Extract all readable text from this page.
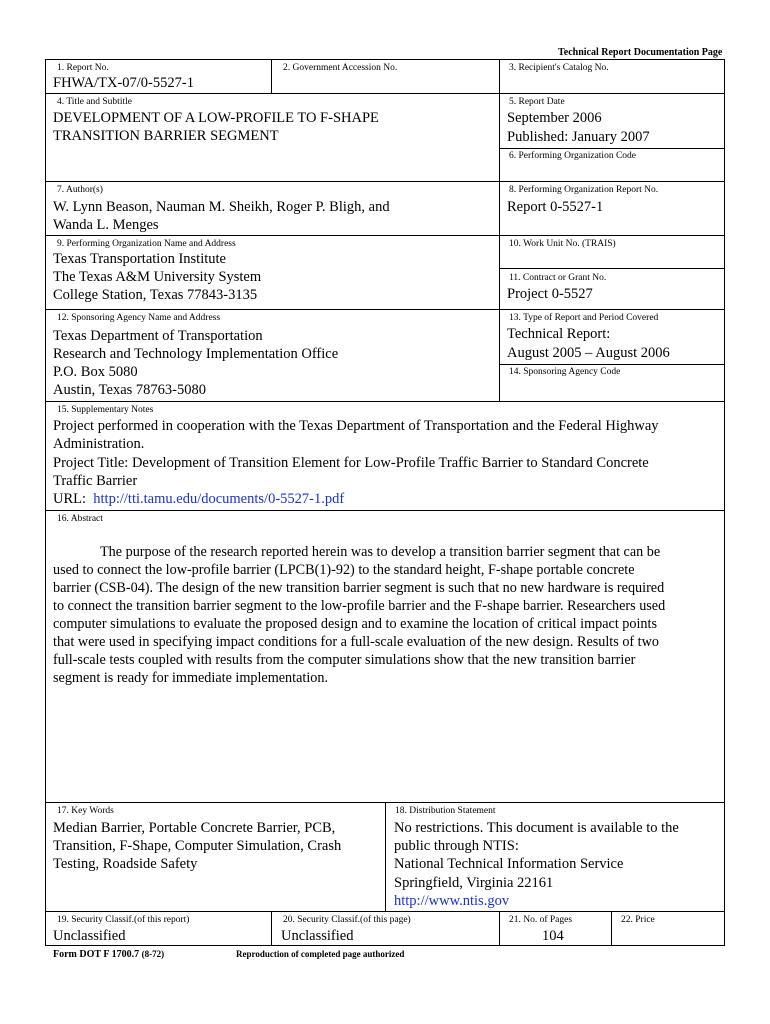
Technical Report Documentation Page
1. Report No.
FHWA/TX-07/0-5527-1
2. Government Accession No.	3. Recipient's Catalog No.
4. Title and Subtitle
DEVELOPMENT OF A LOW-PROFILE TO F-SHAPE
TRANSITION BARRIER SEGMENT
5. Report Date
September 2006
Published: January 2007
6. Performing Organization Code
7. Author(s)
W. Lynn Beason, Nauman M. Sheikh, Roger P. Bligh, and
Wanda L. Menges
8. Performing Organization Report No.
Report 0-5527-1
9. Performing Organization Name and Address
Texas Transportation Institute
The Texas A&M University System
College Station, Texas 77843-3135
10. Work Unit No. (TRAIS)
11. Contract or Grant No.
Project 0-5527
12. Sponsoring Agency Name and Address
Texas Department of Transportation
Research and Technology Implementation Office
P.O. Box 5080
Austin, Texas 78763-5080
13. Type of Report and Period Covered
Technical Report:
August 2005 – August 2006
14. Sponsoring Agency Code
15. Supplementary Notes
Project performed in cooperation with the Texas Department of Transportation and the Federal Highway
Administration.
Project Title: Development of Transition Element for Low-Profile Traffic Barrier to Standard Concrete
Traffic Barrier
URL:  http://tti.tamu.edu/documents/0-5527-1.pdf
16. Abstract
The purpose of the research reported herein was to develop a transition barrier segment that can be
used to connect the low-profile barrier (LPCB(1)-92) to the standard height, F-shape portable concrete
barrier (CSB-04). The design of the new transition barrier segment is such that no new hardware is required
to connect the transition barrier segment to the low-profile barrier and the F-shape barrier. Researchers used
computer simulations to evaluate the proposed design and to examine the location of critical impact points
that were used in specifying impact conditions for a full-scale evaluation of the new design. Results of two
full-scale tests coupled with results from the computer simulations show that the new transition barrier
segment is ready for immediate implementation.
17. Key Words
Median Barrier, Portable Concrete Barrier, PCB,
Transition, F-Shape, Computer Simulation, Crash
Testing, Roadside Safety
18. Distribution Statement
No restrictions. This document is available to the
public through NTIS:
National Technical Information Service
Springfield, Virginia 22161
http://www.ntis.gov
19. Security Classif.(of this report)
Unclassified
20. Security Classif.(of this page)
Unclassified
21. No. of Pages
104
22. Price
Form DOT F 1700.7 (8-72)	Reproduction of completed page authorized
